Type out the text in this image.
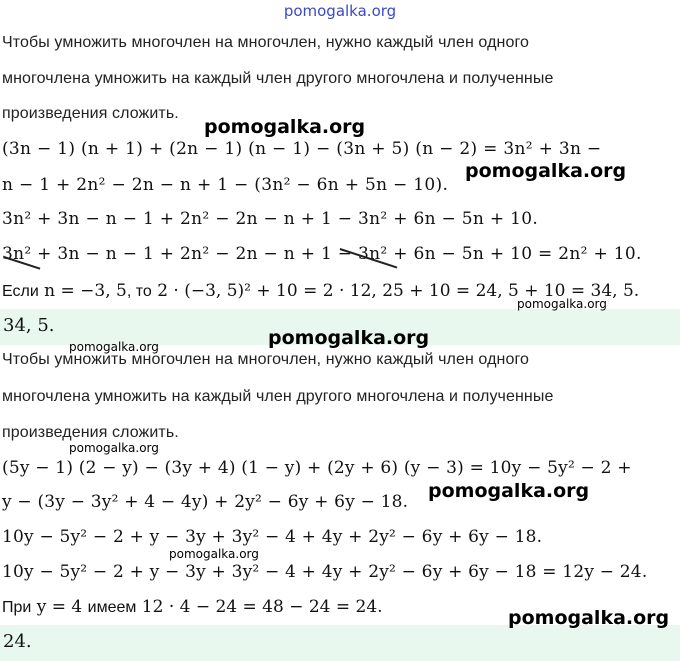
pomogalka.org
Чтобы умножить многочлен на многочлен, нужно каждый член одного
многочлена умножить на каждый член другого многочлена и полученные
произведения сложить.
(3n − 1) (n + 1) + (2n − 1) (n − 1) − (3n + 5) (n − 2) = 3n² + 3n −
n − 1 + 2n² − 2n − n + 1 − (3n² − 6n + 5n − 10).
3n² + 3n − n − 1 + 2n² − 2n − n + 1 − 3n² + 6n − 5n + 10.
3n² + 3n − n − 1 + 2n² − 2n − n + 1 − 3n² + 6n − 5n + 10 = 2n² + 10.
Если n = −3, 5, то 2 · (−3, 5)² + 10 = 2 · 12, 25 + 10 = 24, 5 + 10 = 34, 5.
34, 5.
Чтобы умножить многочлен на многочлен, нужно каждый член одного
многочлена умножить на каждый член другого многочлена и полученные
произведения сложить.
(5y − 1) (2 − y) − (3y + 4) (1 − y) + (2y + 6) (y − 3) = 10y − 5y² − 2 +
y − (3y − 3y² + 4 − 4y) + 2y² − 6y + 6y − 18.
10y − 5y² − 2 + y − 3y + 3y² − 4 + 4y + 2y² − 6y + 6y − 18.
10y − 5y² − 2 + y − 3y + 3y² − 4 + 4y + 2y² − 6y + 6y − 18 = 12y − 24.
При y = 4 имеем 12 · 4 − 24 = 48 − 24 = 24.
24.
pomogalka.org
pomogalka.org
pomogalka.org
pomogalka.org
pomogalka.org
pomogalka.org
pomogalka.org
pomogalka.org
pomogalka.org
